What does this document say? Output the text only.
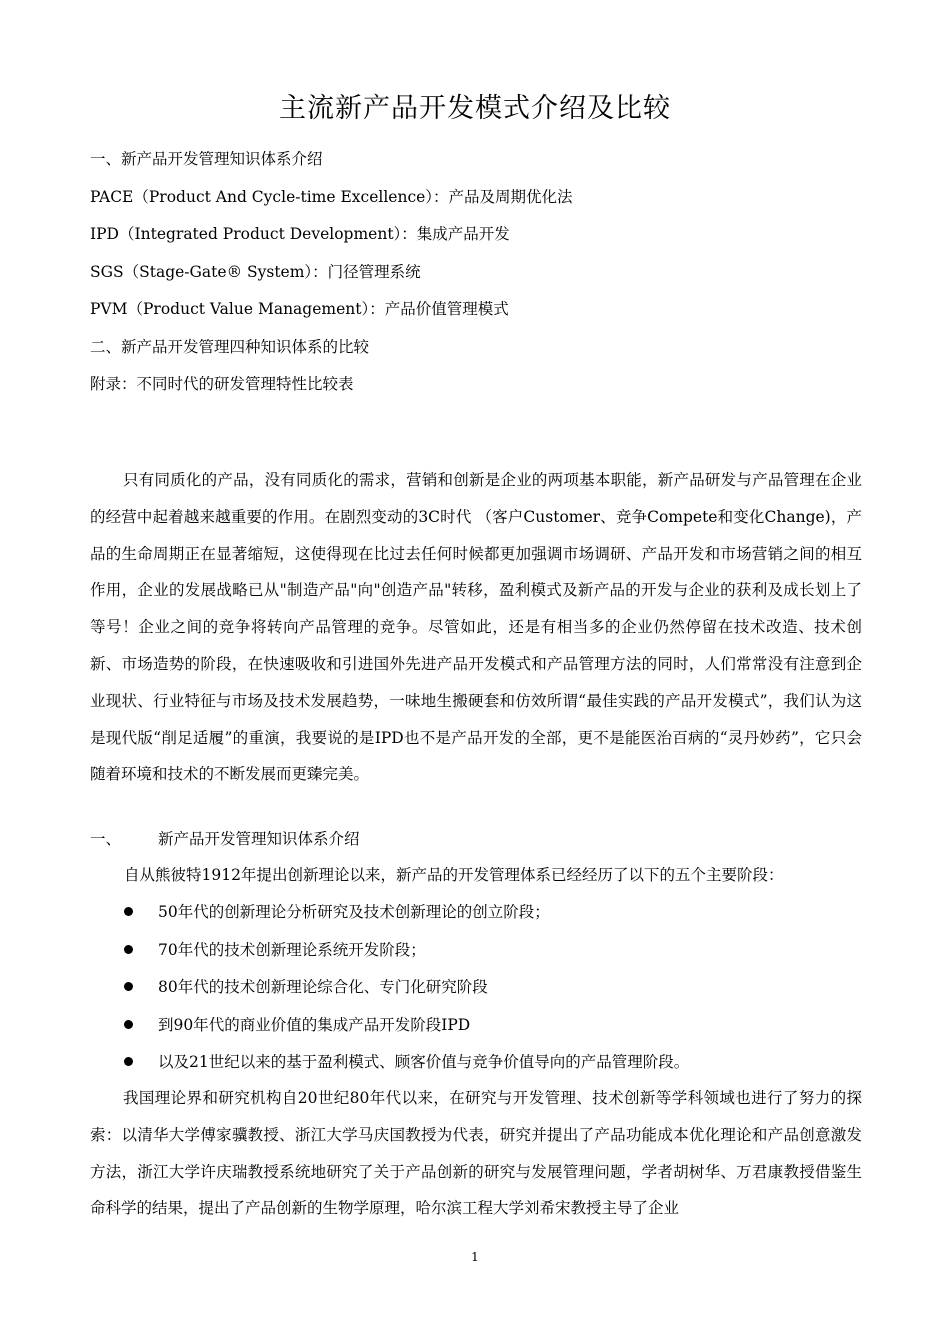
主流新产品开发模式介绍及比较
一、新产品开发管理知识体系介绍
PACE（Product And Cycle-time Excellence）：产品及周期优化法
IPD（Integrated Product Development）：集成产品开发
SGS（Stage-Gate® System）：门径管理系统
PVM（Product Value Management）：产品价值管理模式
二、新产品开发管理四种知识体系的比较
附录：不同时代的研发管理特性比较表
只有同质化的产品，没有同质化的需求，营销和创新是企业的两项基本职能，新产品研发与产品管理在企业的经营中起着越来越重要的作用。在剧烈变动的3C时代 （客户Customer、竞争Compete和变化Change)，产品的生命周期正在显著缩短，这使得现在比过去任何时候都更加强调市场调研、产品开发和市场营销之间的相互作用，企业的发展战略已从"制造产品"向"创造产品"转移，盈利模式及新产品的开发与企业的获利及成长划上了等号！企业之间的竞争将转向产品管理的竞争。尽管如此，还是有相当多的企业仍然停留在技术改造、技术创新、市场造势的阶段，在快速吸收和引进国外先进产品开发模式和产品管理方法的同时，人们常常没有注意到企业现状、行业特征与市场及技术发展趋势，一味地生搬硬套和仿效所谓“最佳实践的产品开发模式”，我们认为这是现代版“削足适履”的重演，我要说的是IPD也不是产品开发的全部，更不是能医治百病的“灵丹妙药”，它只会随着环境和技术的不断发展而更臻完美。
一、 新产品开发管理知识体系介绍
自从熊彼特1912年提出创新理论以来，新产品的开发管理体系已经经历了以下的五个主要阶段：
50年代的创新理论分析研究及技术创新理论的创立阶段；
70年代的技术创新理论系统开发阶段；
80年代的技术创新理论综合化、专门化研究阶段
到90年代的商业价值的集成产品开发阶段IPD
以及21世纪以来的基于盈利模式、顾客价值与竞争价值导向的产品管理阶段。
我国理论界和研究机构自20世纪80年代以来，在研究与开发管理、技术创新等学科领域也进行了努力的探索：以清华大学傅家骥教授、浙江大学马庆国教授为代表，研究并提出了产品功能成本优化理论和产品创意激发方法，浙江大学许庆瑞教授系统地研究了关于产品创新的研究与发展管理问题，学者胡树华、万君康教授借鉴生命科学的结果，提出了产品创新的生物学原理，哈尔滨工程大学刘希宋教授主导了企业
1
